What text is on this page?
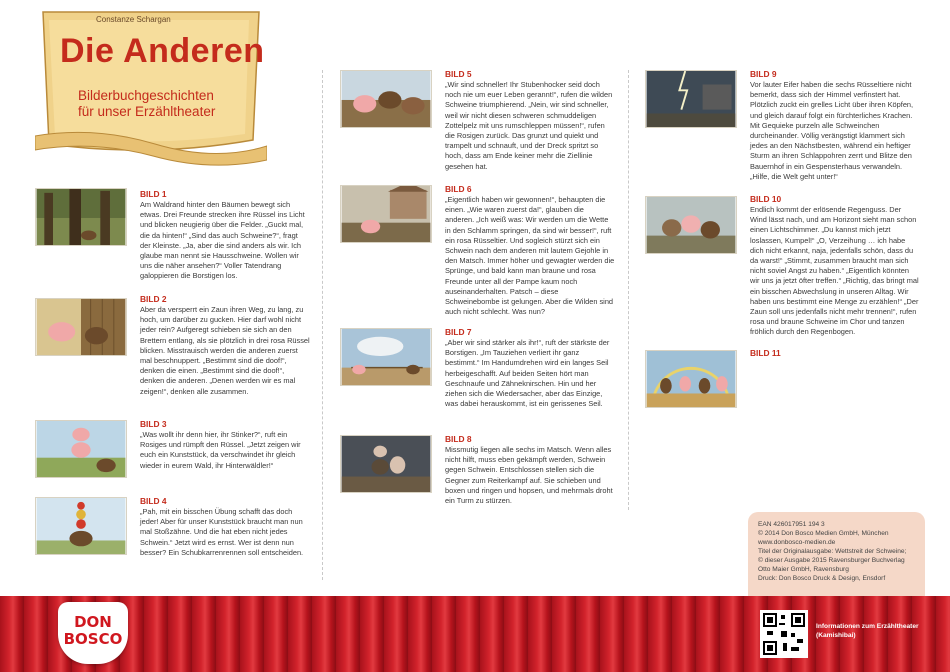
Constanze Schargan
Die Anderen
Bilderbuchgeschichten
für unser Erzähltheater
BILD 1
Am Waldrand hinter den Bäumen bewegt sich etwas. Drei Freunde strecken ihre Rüssel ins Licht und blicken neugierig über die Felder. „Guckt mal, die da hinten!“ „Sind das auch Schweine?“, fragt der Kleinste. „Ja, aber die sind anders als wir. Ich glaube man nennt sie Hausschweine. Wollen wir uns die näher ansehen?“ Voller Tatendrang galoppieren die Borstigen los.
BILD 2
Aber da versperrt ein Zaun ihren Weg, zu lang, zu hoch, um darüber zu gucken. Hier darf wohl nicht jeder rein? Aufgeregt schieben sie sich an den Brettern entlang, als sie plötzlich in drei rosa Rüssel blicken. Misstrauisch werden die anderen zuerst mal beschnuppert. „Bestimmt sind die doof!“, denken die einen. „Bestimmt sind die doof!“, denken die anderen. „Denen werden wir es mal zeigen!“, denken alle zusammen.
BILD 3
„Was wollt ihr denn hier, ihr Stinker?“, ruft ein Rosiges und rümpft den Rüssel. „Jetzt zeigen wir euch ein Kunststück, da verschwindet ihr gleich wieder in eurem Wald, ihr Hinterwäldler!“
BILD 4
„Pah, mit ein bisschen Übung schafft das doch jeder! Aber für unser Kunststück braucht man nun mal Stoßzähne. Und die hat eben nicht jedes Schwein.“ Jetzt wird es ernst. Wer ist denn nun besser? Ein Schubkarrenrennen soll entscheiden.
BILD 5
„Wir sind schneller! Ihr Stubenhocker seid doch noch nie um euer Leben gerannt!“, rufen die wilden Schweine triumphierend. „Nein, wir sind schneller, weil wir nicht diesen schweren schmuddeligen Zottelpelz mit uns rumschleppen müssen!“, rufen die Rosigen zurück. Das grunzt und quiekt und trampelt und schnauft, und der Dreck spritzt so hoch, dass am Ende keiner mehr die Ziellinie gesehen hat.
BILD 6
„Eigentlich haben wir gewonnen!“, behaupten die einen. „Wie waren zuerst da!“, glauben die anderen. „Ich weiß was: Wir werden um die Wette in den Schlamm springen, da sind wir besser!“, ruft ein rosa Rüsseltier. Und sogleich stürzt sich ein Schwein nach dem anderen mit lautem Gejohle in den Matsch. Immer höher und gewagter werden die Sprünge, und bald kann man braune und rosa Freunde unter all der Pampe kaum noch auseinanderhalten. Patsch – diese Schweinebombe ist gelungen. Aber die Wilden sind auch nicht schlecht. Was nun?
BILD 7
„Aber wir sind stärker als ihr!“, ruft der stärkste der Borstigen. „Im Tauziehen verliert ihr ganz bestimmt.“ Im Handumdrehen wird ein langes Seil herbeigeschafft. Auf beiden Seiten hört man Geschnaufe und Zähneknirschen. Hin und her ziehen sich die Wiedersacher, aber das Einzige, was dabei herauskommt, ist ein gerissenes Seil.
BILD 8
Missmutig liegen alle sechs im Matsch. Wenn alles nicht hilft, muss eben gekämpft werden, Schwein gegen Schwein. Entschlossen stellen sich die Gegner zum Reiterkampf auf. Sie schieben und boxen und ringen und hopsen, und mehrmals droht ein Turm zu stürzen.
BILD 9
Vor lauter Eifer haben die sechs Rüsseltiere nicht bemerkt, dass sich der Himmel verfinstert hat. Plötzlich zuckt ein grelles Licht über ihren Köpfen, und gleich darauf folgt ein fürchterliches Krachen. Mit Gequieke purzeln alle Schweinchen durcheinander. Völlig verängstigt klammert sich jedes an den Nächstbesten, während ein heftiger Sturm an ihren Schlappohren zerrt und Blitze den Bauernhof in ein Gespensterhaus verwandeln. „Hilfe, die Welt geht unter!“
BILD 10
Endlich kommt der erlösende Regenguss. Der Wind lässt nach, und am Horizont sieht man schon einen Lichtschimmer. „Du kannst mich jetzt loslassen, Kumpel!“ „O, Verzeihung … ich habe dich nicht erkannt, naja, jedenfalls schön, dass du da warst!“ „Stimmt, zusammen braucht man sich nicht soviel Angst zu haben.“ „Eigentlich könnten wir uns ja jetzt öfter treffen.“ „Richtig, das bringt mal ein bisschen Abwechslung in unseren Alltag. Wir haben uns bestimmt eine Menge zu erzählen!“ „Der Zaun soll uns jedenfalls nicht mehr trennen!“, rufen rosa und braune Schweine im Chor und tanzen fröhlich durch den Regenbogen.
BILD 11
EAN 426017951 194 3
© 2014 Don Bosco Medien GmbH, München
www.donbosco-medien.de
Titel der Originalausgabe: Wettstreit der Schweine;
© dieser Ausgabe 2015 Ravensburger Buchverlag
Otto Maier GmbH, Ravensburg
Druck: Don Bosco Druck & Design, Ensdorf
DON
BOSCO
Informationen zum Erzähltheater
(Kamishibai)
